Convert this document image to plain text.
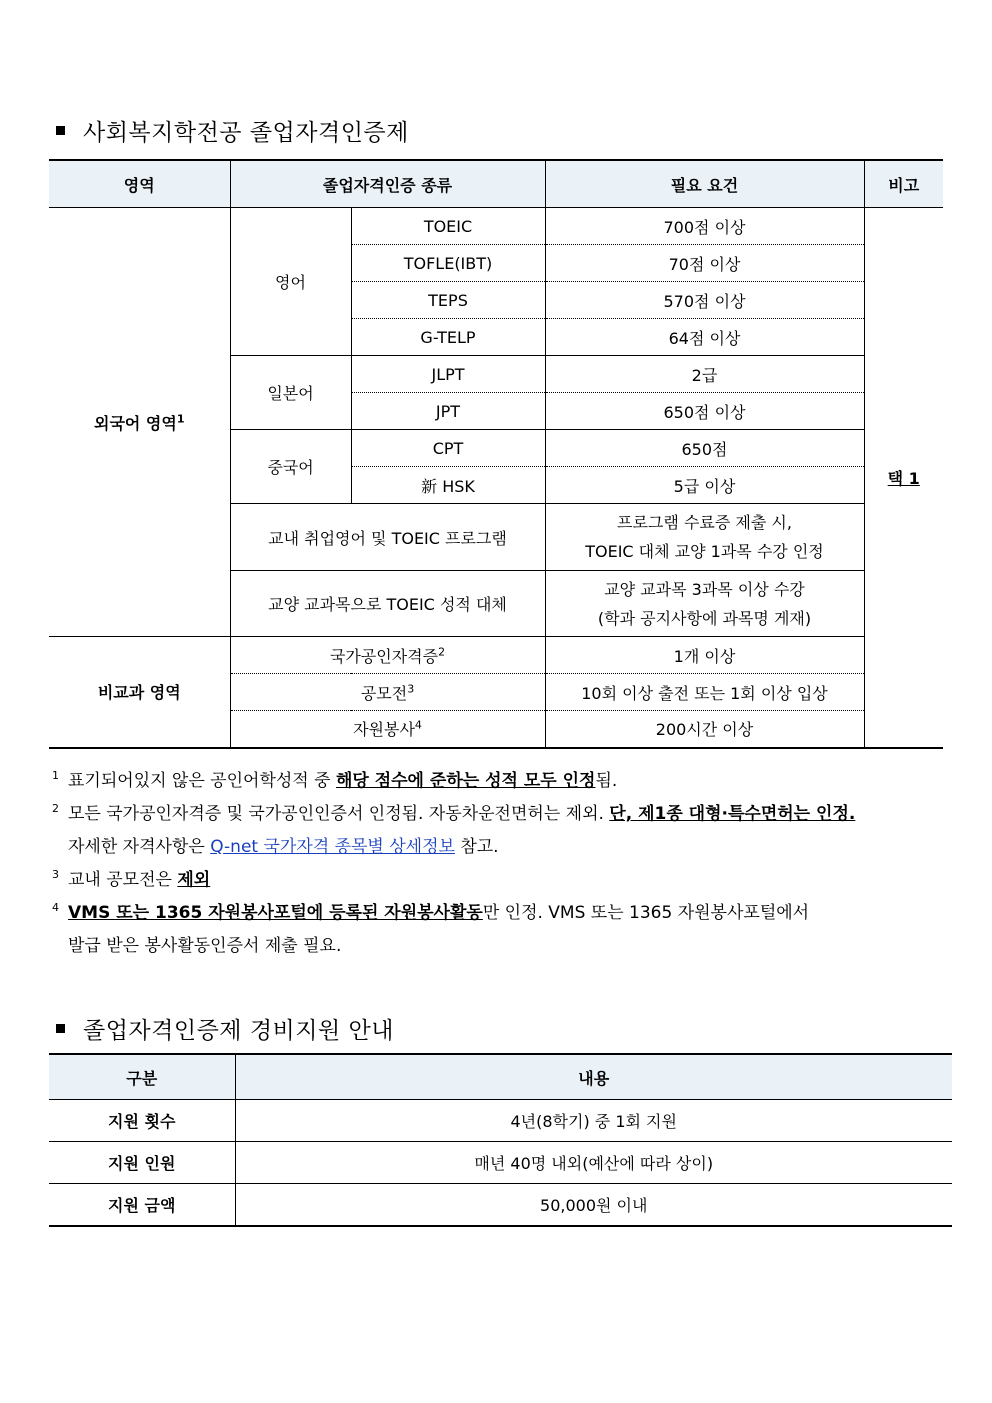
사회복지학전공 졸업자격인증제
영역	졸업자격인증 종류		필요 요건	비고
외국어 영역$^1$	영어	TOEIC	700점 이상	택 1
		TOFLE(IBT)	70점 이상	
		TEPS	570점 이상	
		G-TELP	64점 이상	
	일본어	JLPT	2급	
		JPT	650점 이상	
	중국어	CPT	650점	
		新 HSK	5급 이상	
	교내 취업영어 및 TOEIC 프로그램		프로그램 수료증 제출 시,
TOEIC 대체 교양 1과목 수강 인정	

	교양 교과목으로 TOEIC 성적 대체		교양 교과목 3과목 이상 수강
(학과 공지사항에 과목명 게재)	

비교과 영역	국가공인자격증$^2$		1개 이상	
	공모전$^3$		10회 이상 출전 또는 1회 이상 입상	
	자원봉사$^4$		200시간 이상	
1 표기되어있지 않은 공인어학성적 중 해당 점수에 준하는 성적 모두 인정됨.
2 모든 국가공인자격증 및 국가공인인증서 인정됨. 자동차운전면허는 제외. 단, 제1종 대형·특수면허는 인정.
자세한 자격사항은 Q-net 국가자격 종목별 상세정보 참고.
3 교내 공모전은 제외
4 VMS 또는 1365 자원봉사포털에 등록된 자원봉사활동만 인정. VMS 또는 1365 자원봉사포털에서
발급 받은 봉사활동인증서 제출 필요.
졸업자격인증제 경비지원 안내
구분	내용
지원 횟수	4년(8학기) 중 1회 지원
지원 인원	매년 40명 내외(예산에 따라 상이)
지원 금액	50,000원 이내
